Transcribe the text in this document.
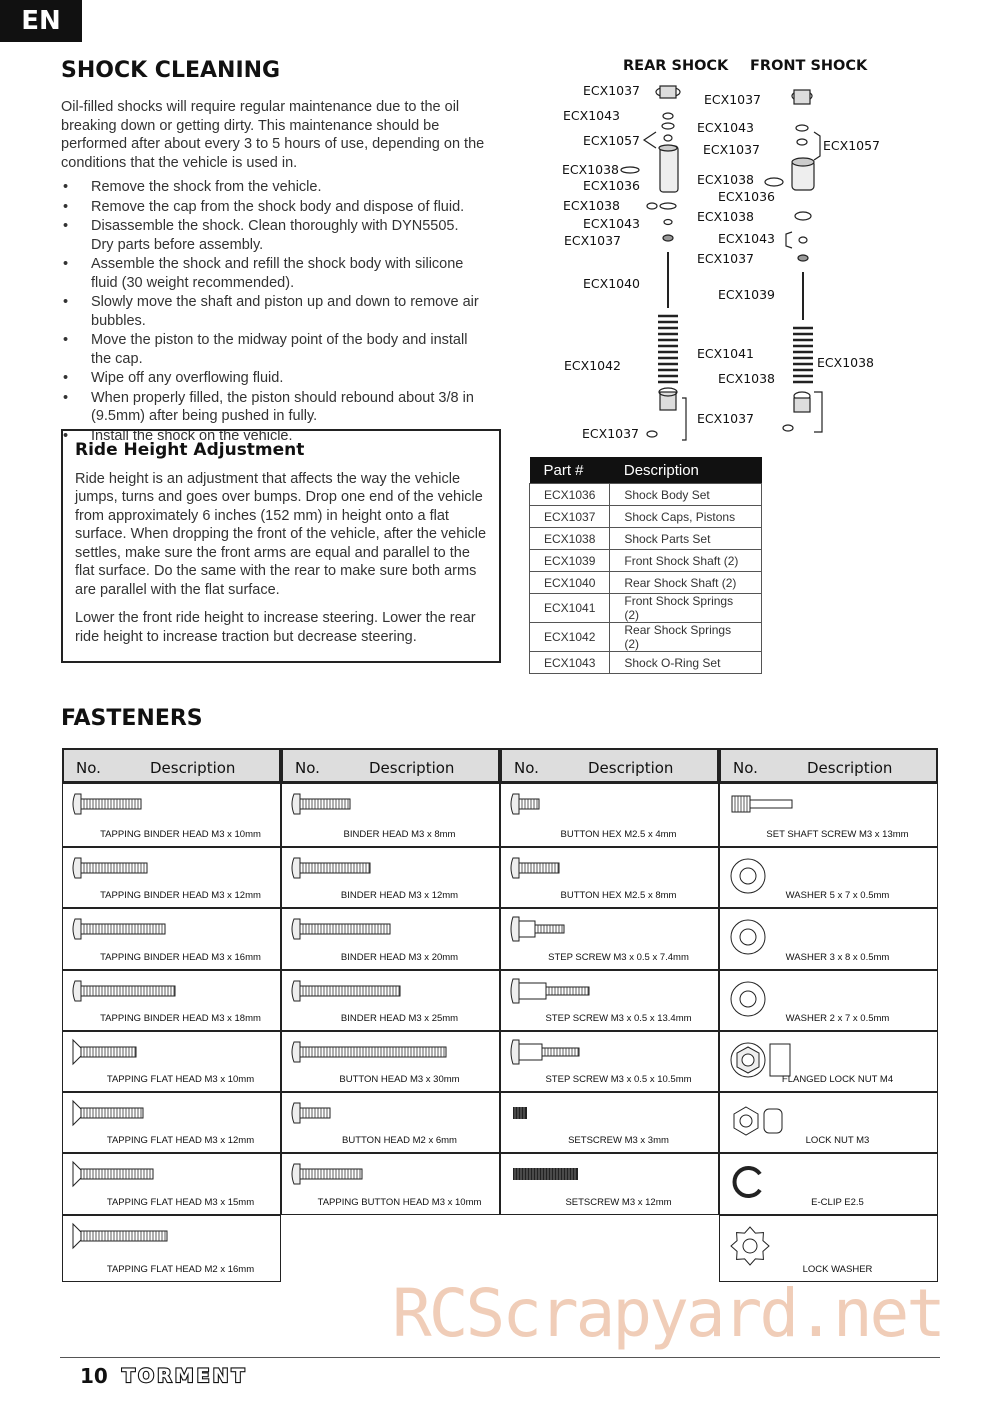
EN
SHOCK CLEANING
Oil-filled shocks will require regular maintenance due to the oil breaking down or getting dirty. This maintenance should be performed after about every 3 to 5 hours of use, depending on the conditions that the vehicle is used in.
• Remove the shock from the vehicle.
• Remove the cap from the shock body and dispose of fluid.
• Disassemble the shock. Clean thoroughly with DYN5505. Dry parts before assembly.
• Assemble the shock and refill the shock body with silicone fluid (30 weight recommended).
• Slowly move the shaft and piston up and down to remove air bubbles.
• Move the piston to the midway point of the body and install the cap.
• Wipe off any overflowing fluid.
• When properly filled, the piston should rebound about 3/8 in (9.5mm) after being pushed in fully.
• Install the shock on the vehicle.
Ride Height Adjustment

Ride height is an adjustment that affects the way the vehicle jumps, turns and goes over bumps. Drop one end of the vehicle from approximately 6 inches (152 mm) in height onto a flat surface. When dropping the front of the vehicle, after the vehicle settles, make sure the front arms are equal and parallel to the flat surface. Do the same with the rear to make sure both arms are parallel with the flat surface.

Lower the front ride height to increase steering. Lower the rear ride height to increase traction but decrease steering.

REAR SHOCK FRONT SHOCK
ECX1037
ECX1043
ECX1057
ECX1038
ECX1036
ECX1038
ECX1043
ECX1037
ECX1040
ECX1042
ECX1037
ECX1037
ECX1043
ECX1037	ECX1057
ECX1038
ECX1036
ECX1038
ECX1043
ECX1037
ECX1039
ECX1041
ECX1038
ECX1038
ECX1037
Part #	Description
ECX1036	Shock Body Set
ECX1037	Shock Caps, Pistons
ECX1038	Shock Parts Set
ECX1039	Front Shock Shaft (2)
ECX1040	Rear Shock Shaft (2)
ECX1041	Front Shock Springs (2)
ECX1042	Rear Shock Springs (2)
ECX1043	Shock O-Ring Set
FASTENERS
No.	Description
TAPPING BINDER HEAD M3 x 10mm
TAPPING BINDER HEAD M3 x 12mm
TAPPING BINDER HEAD M3 x 16mm
TAPPING BINDER HEAD M3 x 18mm
TAPPING FLAT HEAD M3 x 10mm
TAPPING FLAT HEAD M3 x 12mm
TAPPING FLAT HEAD M3 x 15mm
TAPPING FLAT HEAD M2 x 16mm
No.	Description
BINDER HEAD M3 x 8mm
BINDER HEAD M3 x 12mm
BINDER HEAD M3 x 20mm
BINDER HEAD M3 x 25mm
BUTTON HEAD M3 x 30mm
BUTTON HEAD M2 x 6mm
TAPPING BUTTON HEAD M3 x 10mm
No.	Description
BUTTON HEX M2.5 x 4mm
BUTTON HEX M2.5 x 8mm
STEP SCREW M3 x 0.5 x 7.4mm
STEP SCREW M3 x 0.5 x 13.4mm
STEP SCREW M3 x 0.5 x 10.5mm
SETSCREW M3 x 3mm
SETSCREW M3 x 12mm
No.	Description
SET SHAFT SCREW M3 x 13mm
WASHER 5 x 7 x 0.5mm
WASHER 3 x 8 x 0.5mm
WASHER 2 x 7 x 0.5mm
FLANGED LOCK NUT M4
LOCK NUT M3
E-CLIP E2.5
LOCK WASHER
RCScrapyard.net
10 TORMENT
